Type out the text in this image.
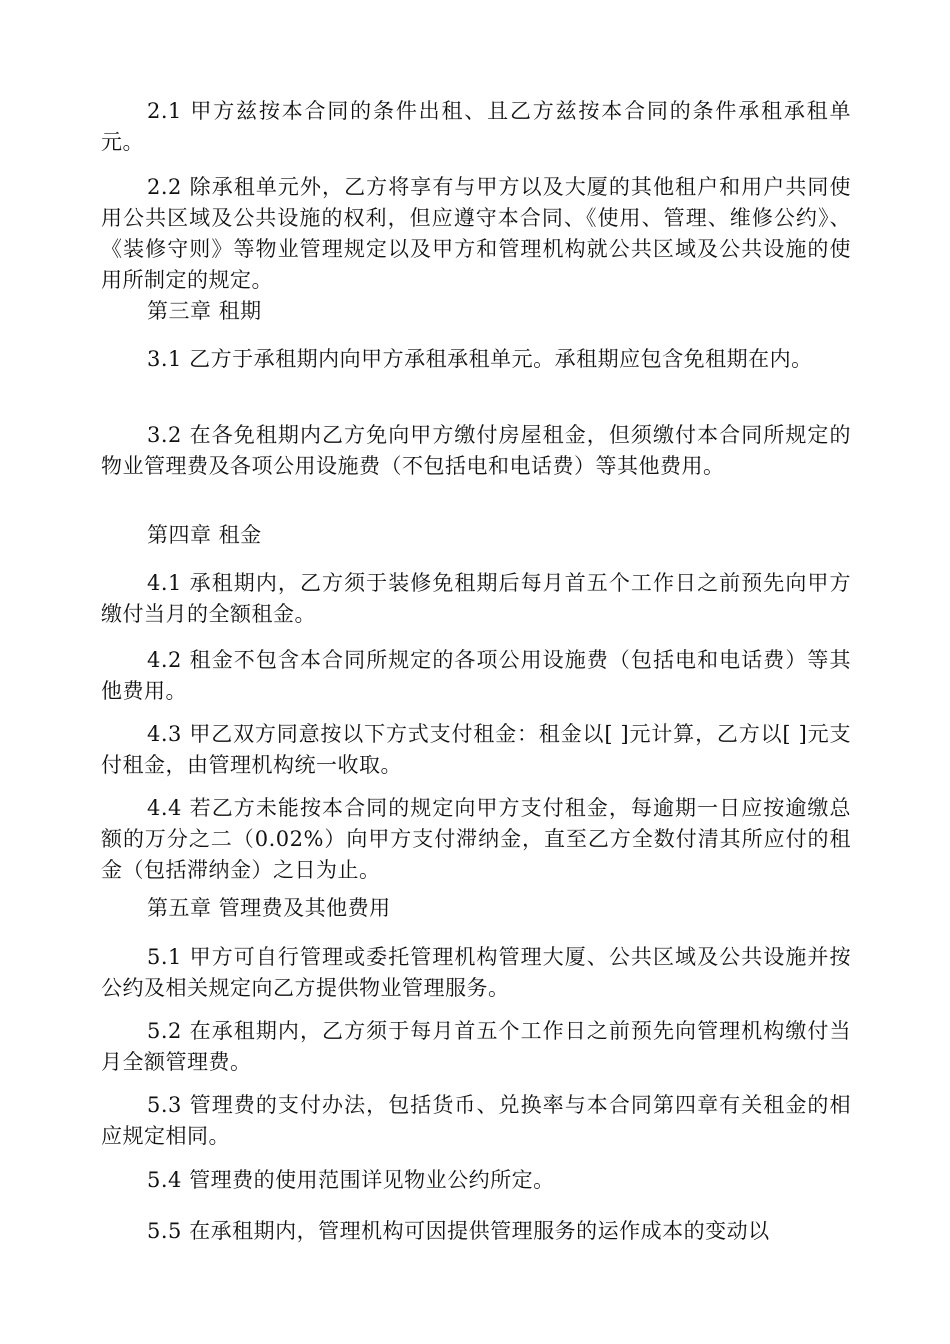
2.1 甲方兹按本合同的条件出租、且乙方兹按本合同的条件承租承租单元。

2.2 除承租单元外，乙方将享有与甲方以及大厦的其他租户和用户共同使用公共区域及公共设施的权利，但应遵守本合同、《使用、管理、维修公约》、《装修守则》等物业管理规定以及甲方和管理机构就公共区域及公共设施的使用所制定的规定。

第三章 租期

3.1 乙方于承租期内向甲方承租承租单元。承租期应包含免租期在内。

3.2 在各免租期内乙方免向甲方缴付房屋租金，但须缴付本合同所规定的物业管理费及各项公用设施费（不包括电和电话费）等其他费用。

第四章 租金

4.1 承租期内，乙方须于装修免租期后每月首五个工作日之前预先向甲方缴付当月的全额租金。

4.2 租金不包含本合同所规定的各项公用设施费（包括电和电话费）等其他费用。

4.3 甲乙双方同意按以下方式支付租金：租金以[ ]元计算，乙方以[ ]元支付租金，由管理机构统一收取。

4.4 若乙方未能按本合同的规定向甲方支付租金，每逾期一日应按逾缴总额的万分之二（0.02%）向甲方支付滞纳金，直至乙方全数付清其所应付的租金（包括滞纳金）之日为止。

第五章 管理费及其他费用

5.1 甲方可自行管理或委托管理机构管理大厦、公共区域及公共设施并按公约及相关规定向乙方提供物业管理服务。

5.2 在承租期内，乙方须于每月首五个工作日之前预先向管理机构缴付当月全额管理费。

5.3 管理费的支付办法，包括货币、兑换率与本合同第四章有关租金的相应规定相同。

5.4 管理费的使用范围详见物业公约所定。

5.5 在承租期内，管理机构可因提供管理服务的运作成本的变动以
